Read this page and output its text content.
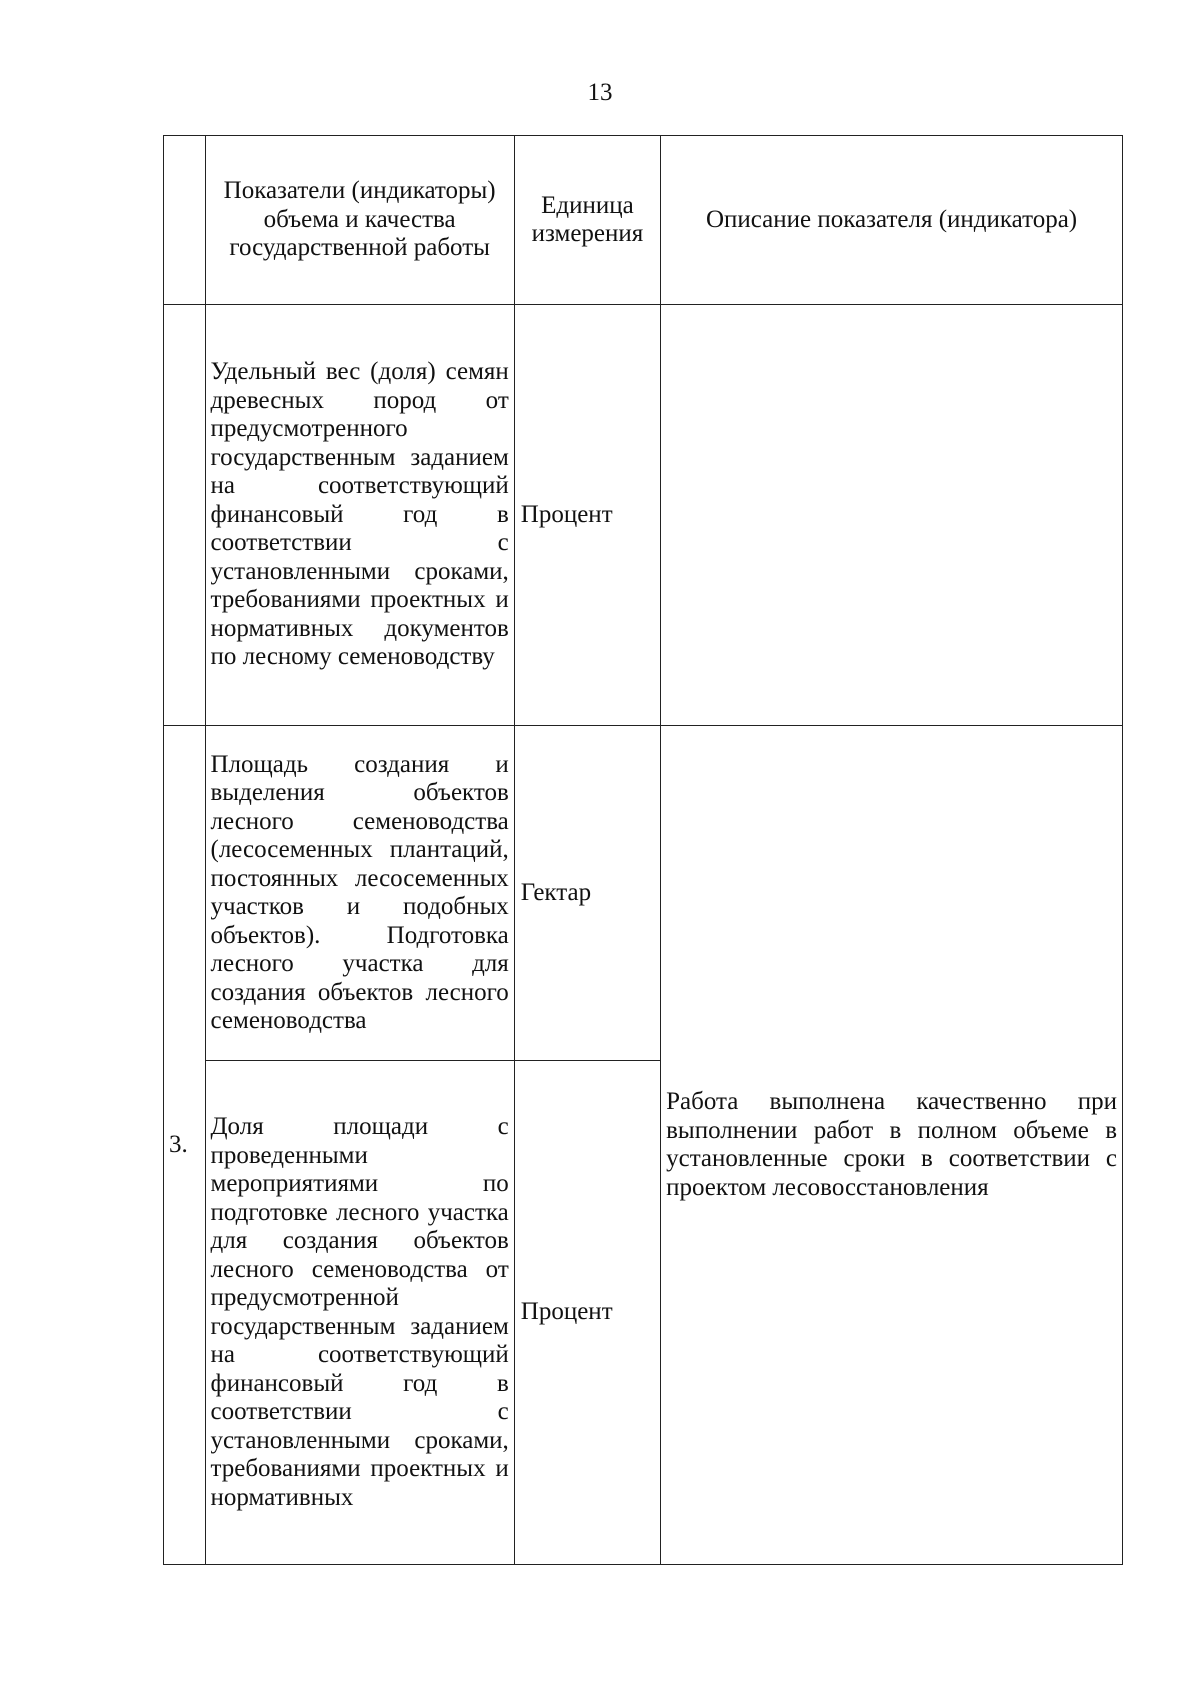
13
	Показатели (индикаторы) объема и качества государственной работы	Единица измерения	Описание показателя (индикатора)
	Удельный вес (доля) семян древесных пород от предусмотренного государственным заданием на соответствующий финансовый год в соответствии с установленными сроками, требованиями проектных и нормативных документов по лесному семеноводству	Процент	
3.	Площадь создания и выделения объектов лесного семеноводства (лесосеменных плантаций, постоянных лесосеменных участков и подобных объектов). Подготовка лесного участка для создания объектов лесного семеноводства	Гектар	Работа выполнена качественно при выполнении работ в полном объеме в установленные сроки в соответствии с проектом лесовосстановления
	Доля площади с проведенными мероприятиями по подготовке лесного участка для создания объектов лесного семеноводства от предусмотренной государственным заданием на соответствующий финансовый год в соответствии с установленными сроками, требованиями проектных и нормативных	Процент	
